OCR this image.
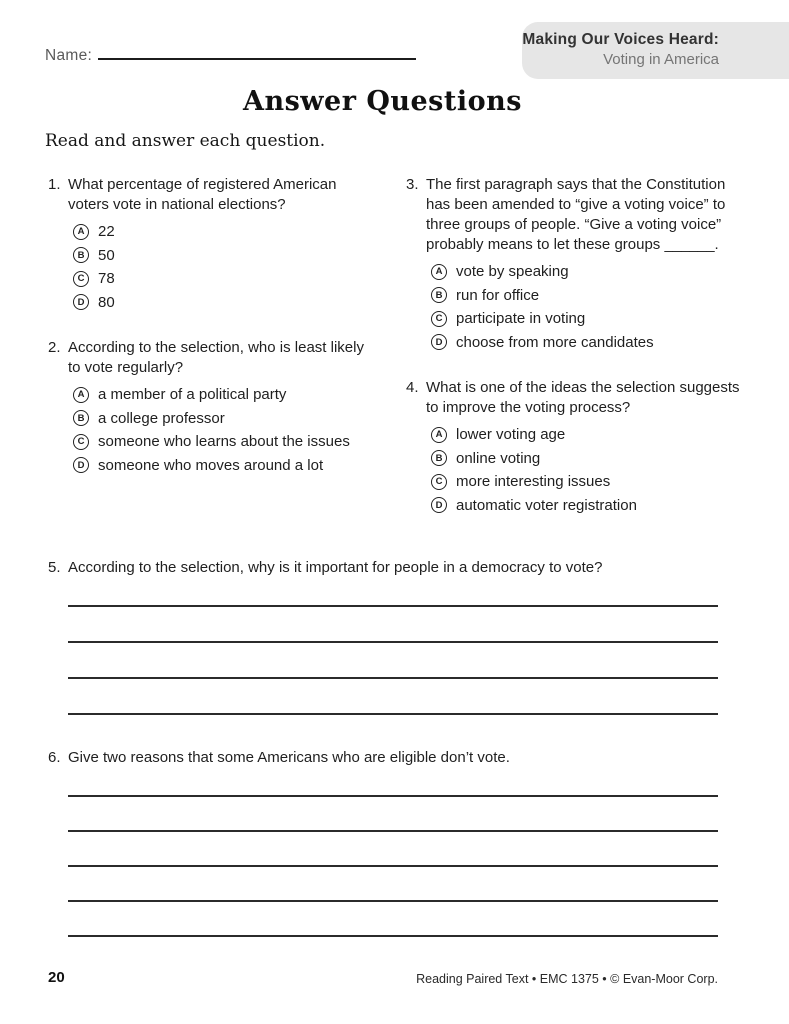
Name:
Making Our Voices Heard:
Voting in America
Answer Questions
Read and answer each question.
1. What percentage of registered American voters vote in national elections?
A 22
B 50
C 78
D 80
2. According to the selection, who is least likely to vote regularly?
A a member of a political party
B a college professor
C someone who learns about the issues
D someone who moves around a lot
3. The first paragraph says that the Constitution has been amended to “give a voting voice” to three groups of people. “Give a voting voice” probably means to let these groups ______.
A vote by speaking
B run for office
C participate in voting
D choose from more candidates
4. What is one of the ideas the selection suggests to improve the voting process?
A lower voting age
B online voting
C more interesting issues
D automatic voter registration
5. According to the selection, why is it important for people in a democracy to vote?
6. Give two reasons that some Americans who are eligible don’t vote.
20	Reading Paired Text • EMC 1375 • © Evan-Moor Corp.
